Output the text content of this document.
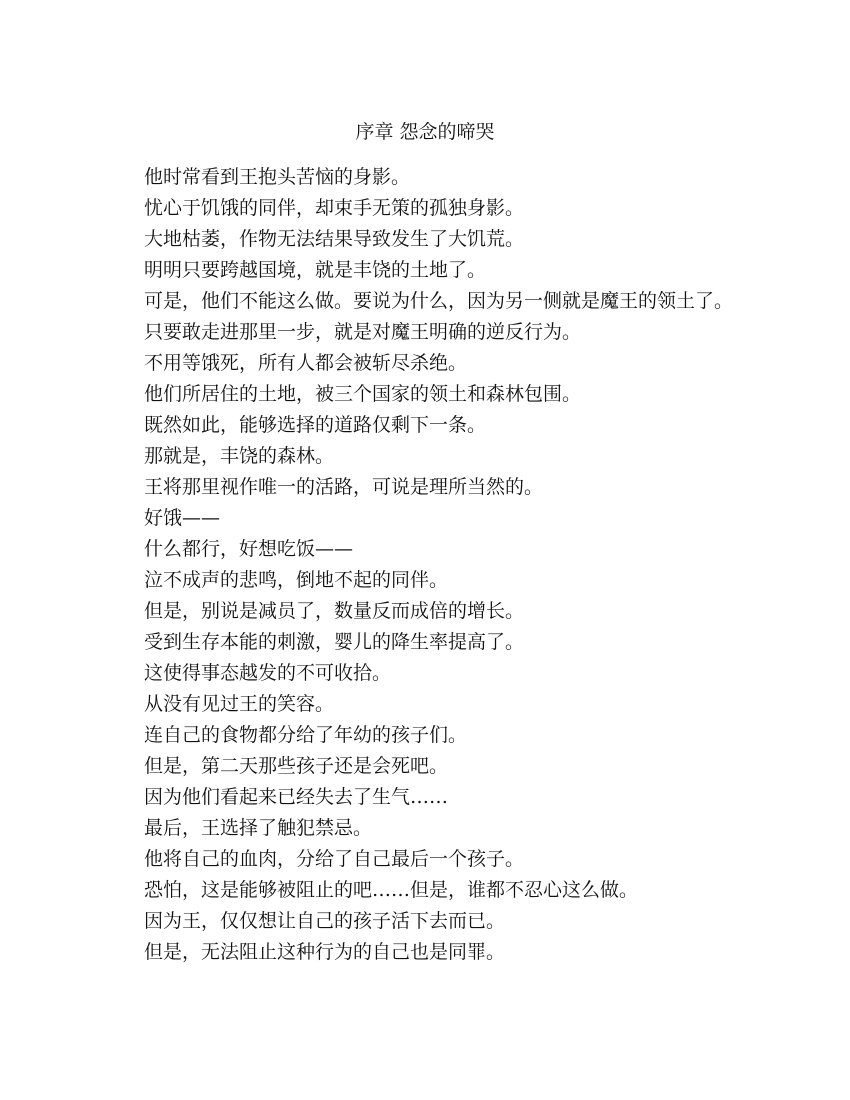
序章 怨念的啼哭

他时常看到王抱头苦恼的身影。

忧心于饥饿的同伴，却束手无策的孤独身影。

大地枯萎，作物无法结果导致发生了大饥荒。

明明只要跨越国境，就是丰饶的土地了。

可是，他们不能这么做。要说为什么，因为另一侧就是魔王的领土了。

只要敢走进那里一步，就是对魔王明确的逆反行为。

不用等饿死，所有人都会被斩尽杀绝。

他们所居住的土地，被三个国家的领土和森林包围。

既然如此，能够选择的道路仅剩下一条。

那就是，丰饶的森林。

王将那里视作唯一的活路，可说是理所当然的。

好饿——

什么都行，好想吃饭——

泣不成声的悲鸣，倒地不起的同伴。

但是，别说是减员了，数量反而成倍的增长。

受到生存本能的刺激，婴儿的降生率提高了。

这使得事态越发的不可收拾。

从没有见过王的笑容。

连自己的食物都分给了年幼的孩子们。

但是，第二天那些孩子还是会死吧。

因为他们看起来已经失去了生气……

最后，王选择了触犯禁忌。

他将自己的血肉，分给了自己最后一个孩子。

恐怕，这是能够被阻止的吧……但是，谁都不忍心这么做。

因为王，仅仅想让自己的孩子活下去而已。

但是，无法阻止这种行为的自己也是同罪。
